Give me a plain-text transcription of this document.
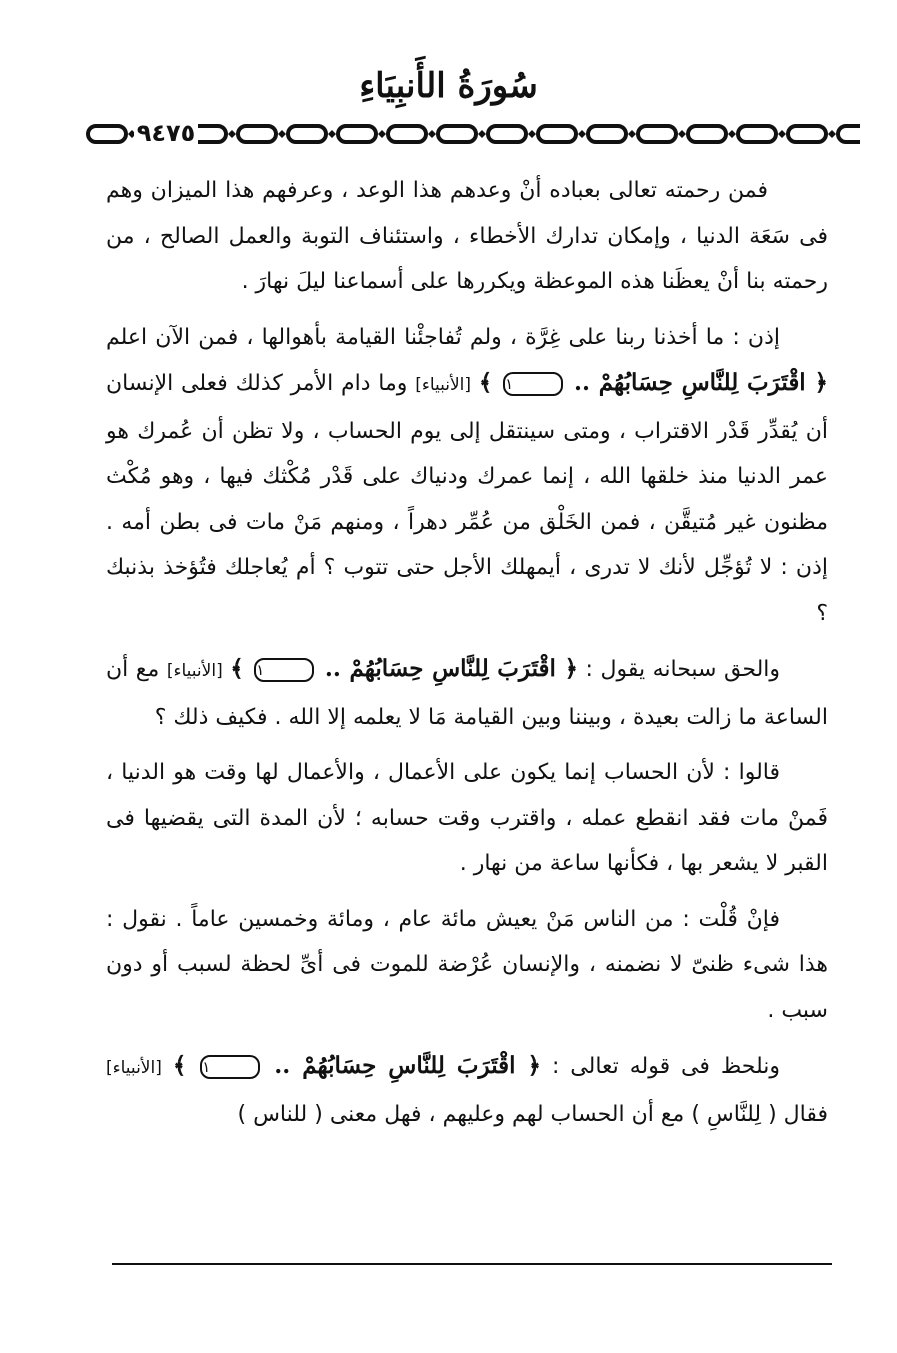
سُورَةُ الأَنبِيَاءِ
٩٤٧٥

فمن رحمته تعالى بعباده أنْ وعدهم هذا الوعد ، وعرفهم هذا الميزان وهم فى سَعَة الدنيا ، وإمكان تدارك الأخطاء ، واستئناف التوبة والعمل الصالح ، من رحمته بنا أنْ يعظَنا هذه الموعظة ويكررها على أسماعنا ليلَ نهارَ .

إذن : ما أخذنا ربنا على غِرَّة ، ولم تُفاجئْنا القيامة بأهوالها ، فمن الآن اعلم ﴿ اقْتَرَبَ لِلنَّاسِ حِسَابُهُمْ .. ١ ﴾ [الأنبياء] وما دام الأمر كذلك فعلى الإنسان أن يُقدِّر قَدْر الاقتراب ، ومتى سينتقل إلى يوم الحساب ، ولا تظن أن عُمرك هو عمر الدنيا منذ خلقها الله ، إنما عمرك ودنياك على قَدْر مُكْثك فيها ، وهو مُكْث مظنون غير مُتيقَّن ، فمن الخَلْق من عُمِّر دهراً ، ومنهم مَنْ مات فى بطن أمه . إذن : لا تُؤجِّل لأنك لا تدرى ، أيمهلك الأجل حتى تتوب ؟ أم يُعاجلك فتُؤخذ بذنبك ؟

والحق سبحانه يقول : ﴿ اقْتَرَبَ لِلنَّاسِ حِسَابُهُمْ .. ١ ﴾ [الأنبياء] مع أن الساعة ما زالت بعيدة ، وبيننا وبين القيامة مَا لا يعلمه إلا الله . فكيف ذلك ؟

قالوا : لأن الحساب إنما يكون على الأعمال ، والأعمال لها وقت هو الدنيا ، فَمنْ مات فقد انقطع عمله ، واقترب وقت حسابه ؛ لأن المدة التى يقضيها فى القبر لا يشعر بها ، فكأنها ساعة من نهار .

فإنْ قُلْت : من الناس مَنْ يعيش مائة عام ، ومائة وخمسين عاماً . نقول : هذا شىء ظنىّ لا نضمنه ، والإنسان عُرْضة للموت فى أىِّ لحظة لسبب أو دون سبب .

ونلحظ فى قوله تعالى : ﴿ اقْتَرَبَ لِلنَّاسِ حِسَابُهُمْ .. ١ ﴾ [الأنبياء] فقال ( لِلنَّاسِ ) مع أن الحساب لهم وعليهم ، فهل معنى ( للناس )
